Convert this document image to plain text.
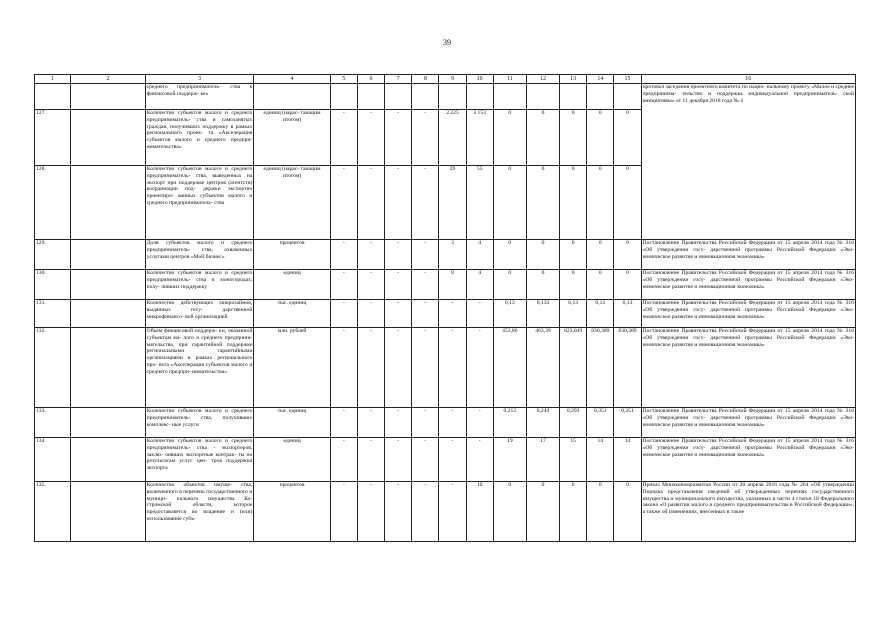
39
1	2	3	4	5	6	7	8	9	10	11	12	13	14	15	16
		среднего предприниматель- ства к финансовой поддерж- ке»													протокол заседания проектного комитета по нацио- нальному проекту «Малое и среднее предпринима- тельство и поддержка индивидуальной предприниматель- ской инициативы» от 11 декабря 2018 года № 4
127.		Количество субъектов малого и среднего предприниматель- ства и самозанятых граждан, получивших поддержку в рамках регионального проек- та «Акселерация субъектов малого и среднего предпри- нимательства»	единиц (нарас- тающим итогом)	-	-	-	-	2 225	3 153	0	0	0	0	0	
128.		Количество субъектов малого и среднего предприниматель- ства, выведенных на экспорт при поддержке центров (агентств) координации под- держки экспортно ориентиро- ванных субъектов малого и среднего предприниматель- ства	единиц (нарас- тающим итогом)	-	-	-	-	29	55	0	0	0	0	0	
129.		Доля субъектов малого и среднего предприниматель- ства, охваченных услугами центров «Мой бизнес»	процентов	-	-	-	-	3	4	0	0	0	0	0	Постановление Правительства Российской Федерации от 15 апреля 2014 года № 316 «Об утверждении госу- дарственной программы Российской Федерации «Эко- номическое развитие и инновационная экономика»
130.		Количество субъектов малого и среднего предприниматель- ства в моногородах, полу- чивших поддержку	единиц	-	-	-	-	8	4	0	0	0	0	0	Постановление Правительства Российской Федерации от 15 апреля 2014 года № 316 «Об утверждении госу- дарственной программы Российской Федерации «Эко- номическое развитие и инновационная экономика»
131.		Количество действующих микрозаймов, выданных госу- дарственной микрофинансо- вой организацией	тыс. единиц	-	-	-	-	-	-	0,13	0,133	0,13	0,13	0,13	Постановление Правительства Российской Федерации от 15 апреля 2014 года № 316 «Об утверждении госу- дарственной программы Российской Федерации «Эко- номическое развитие и инновационная экономика»
132.		Объем финансовой поддерж- ки, оказанной субъектам ма- лого и среднего предприни- мательства, при гарантийной поддержке региональными гарантийными организациями в рамках регионального про- екта «Акселерация субъектов малого и среднего предпри- нимательства»	млн. рублей	-	-	-	-	-	-	453,86	463,39	823,049	830,389	830,389	Постановление Правительства Российской Федерации от 15 апреля 2014 года № 316 «Об утверждении госу- дарственной программы Российской Федерации «Эко- номическое развитие и инновационная экономика»
133.		Количество субъектов малого и среднего предприниматель- ства, получивших комплекс- ные услуги	тыс. единиц	-	-	-	-	-	-	0,212	0,244	0,293	0,351	0,351	Постановление Правительства Российской Федерации от 15 апреля 2014 года № 316 «Об утверждении госу- дарственной программы Российской Федерации «Эко- номическое развитие и инновационная экономика»
134.		Количество субъектов малого и среднего предприниматель- ства - экспортеров, заклю- чивших экспортные контрак- ты по результатам услуг цен- тров поддержки экспорта	единиц	-	-	-	-	-	-	19	17	15	14	14	Постановление Правительства Российской Федерации от 15 апреля 2014 года № 316 «Об утверждении госу- дарственной программы Российской Федерации «Эко- номическое развитие и инновационная экономика»
135.		Количество объектов имуще- ства, включенного в перечень государственного и муници- пального имущества Ко- стромской области, которое предоставляется во владение и (или) использование субъ-	процентов	-	-	-	-	-	10	0	0	0	0	0	Приказ Минэкономразвития России от 20 апреля 2016 года № 264 «Об утверждении Порядка представления сведений об утвержденных перечнях государственного имущества и муниципального имущества, указанных в части 4 статьи 18 Федерального закона «О развитии малого и среднего предпринимательства в Российской Федерации», а также об изменениях, внесенных в такие
